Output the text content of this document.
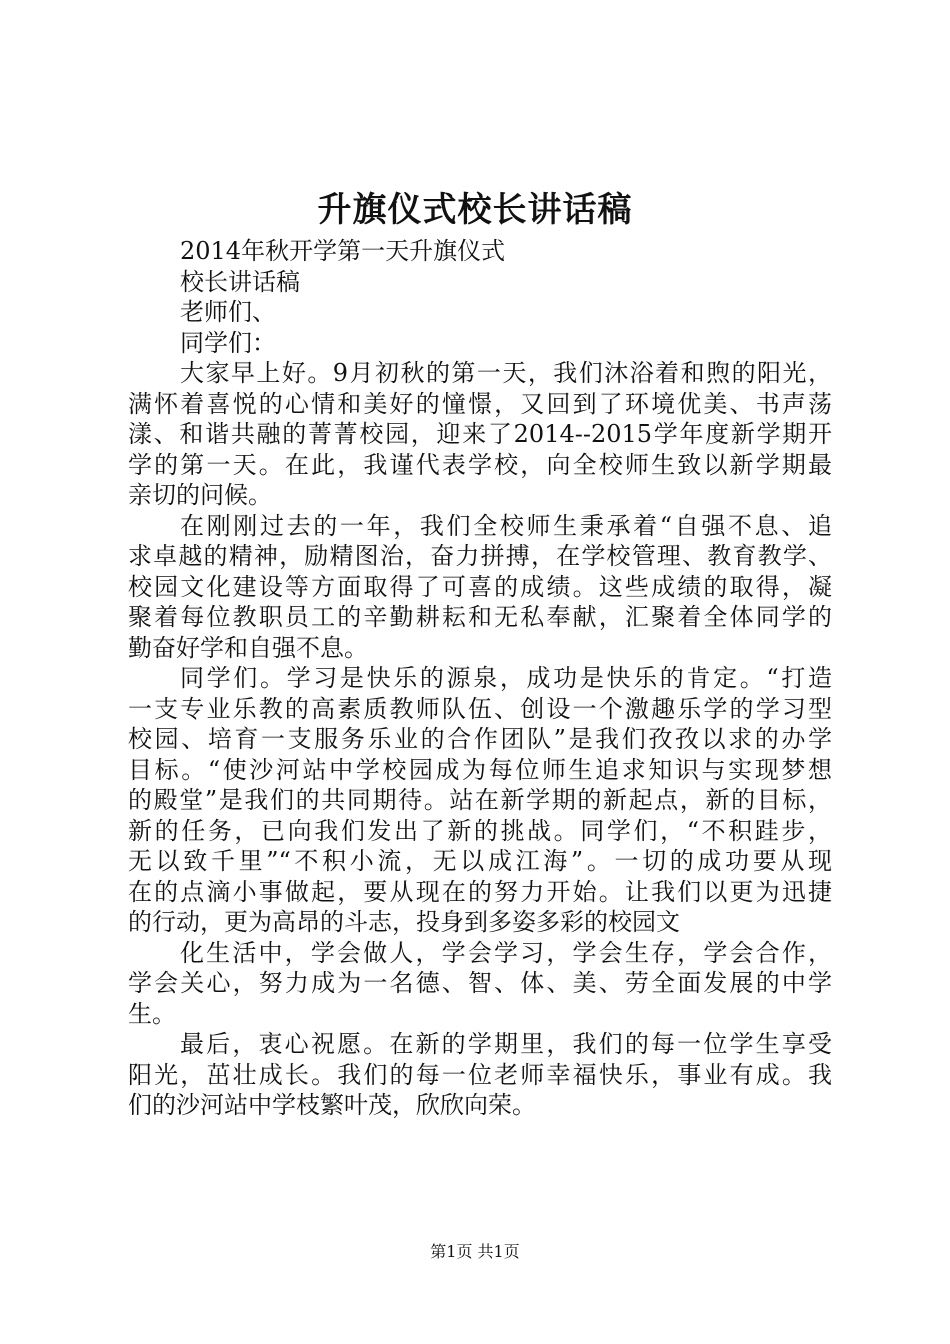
升旗仪式校长讲话稿
2014年秋开学第一天升旗仪式
校长讲话稿
老师们、
同学们：
大家早上好。9月初秋的第一天，我们沐浴着和煦的阳光，
满怀着喜悦的心情和美好的憧憬，又回到了环境优美、书声荡
漾、和谐共融的菁菁校园，迎来了2014--2015学年度新学期开
学的第一天。在此，我谨代表学校，向全校师生致以新学期最
亲切的问候。
在刚刚过去的一年，我们全校师生秉承着“自强不息、追
求卓越的精神，励精图治，奋力拼搏，在学校管理、教育教学、
校园文化建设等方面取得了可喜的成绩。这些成绩的取得，凝
聚着每位教职员工的辛勤耕耘和无私奉献，汇聚着全体同学的
勤奋好学和自强不息。
同学们。学习是快乐的源泉，成功是快乐的肯定。“打造
一支专业乐教的高素质教师队伍、创设一个激趣乐学的学习型
校园、培育一支服务乐业的合作团队”是我们孜孜以求的办学
目标。“使沙河站中学校园成为每位师生追求知识与实现梦想
的殿堂”是我们的共同期待。站在新学期的新起点，新的目标，
新的任务，已向我们发出了新的挑战。同学们，“不积跬步，
无以致千里”“不积小流，无以成江海”。一切的成功要从现
在的点滴小事做起，要从现在的努力开始。让我们以更为迅捷
的行动，更为高昂的斗志，投身到多姿多彩的校园文
化生活中，学会做人，学会学习，学会生存，学会合作，
学会关心，努力成为一名德、智、体、美、劳全面发展的中学
生。
最后，衷心祝愿。在新的学期里，我们的每一位学生享受
阳光，茁壮成长。我们的每一位老师幸福快乐，事业有成。我
们的沙河站中学枝繁叶茂，欣欣向荣。
第1页 共1页
